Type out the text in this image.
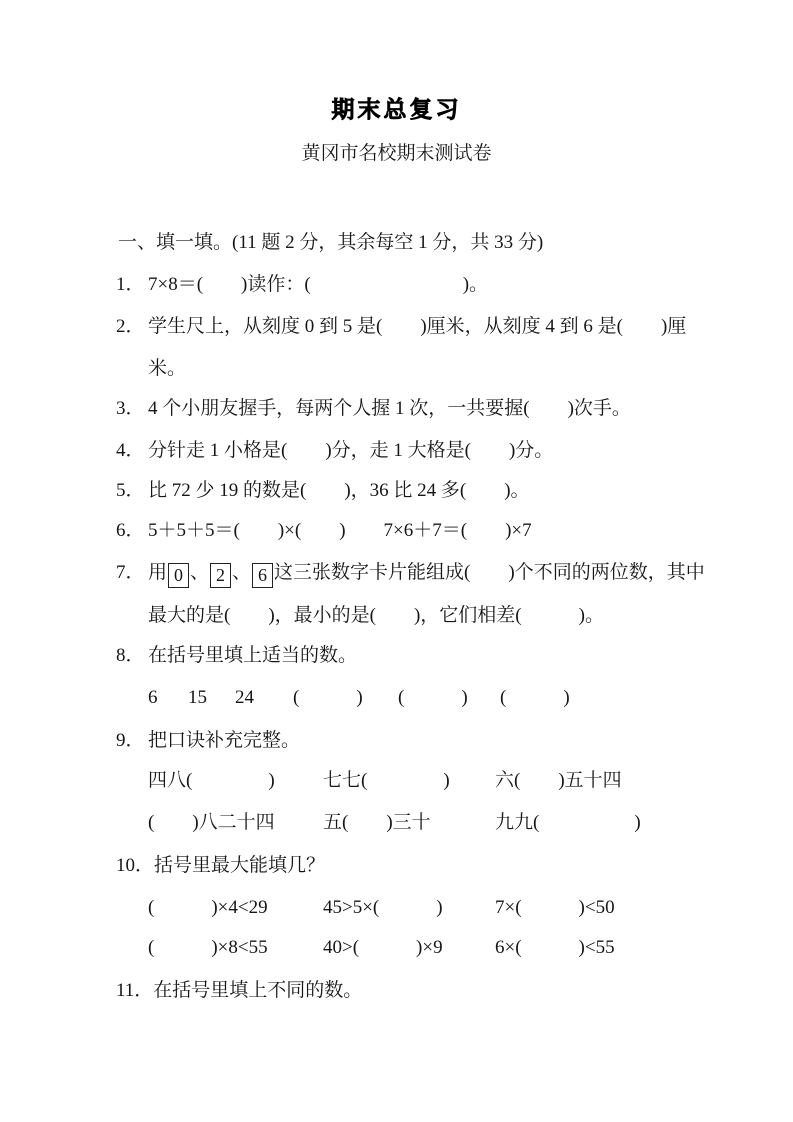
期末总复习
黄冈市名校期末测试卷
一、填一填。(11 题 2 分，其余每空 1 分，共 33 分)
1． 7×8＝(　　)读作：(　　　　　　　　)。
2． 学生尺上，从刻度 0 到 5 是(　　)厘米，从刻度 4 到 6 是(　　)厘
米。
3． 4 个小朋友握手，每两个人握 1 次，一共要握(　　)次手。
4． 分针走 1 小格是(　　)分，走 1 大格是(　　)分。
5． 比 72 少 19 的数是(　　)，36 比 24 多(　　)。
6． 5＋5＋5＝(　　)×(　　)　　7×6＋7＝(　　)×7
7． 用 0 、 2 、 6 这三张数字卡片能组成(　　)个不同的两位数，其中
最大的是(　　)，最小的是(　　)，它们相差(　　　)。
8． 在括号里填上适当的数。
6	15	24	(　　　)	(　　　)	(　　　)
9． 把口诀补充完整。
四八(　　　　)	七七(　　　　)	六(　　)五十四
(　　)八二十四	五(　　)三十	九九(　　　　　)
10． 括号里最大能填几？
(　　　)×4<29	45>5×(　　　)	7×(　　　)<50
(　　　)×8<55	40>(　　　)×9	6×(　　　)<55
11． 在括号里填上不同的数。
